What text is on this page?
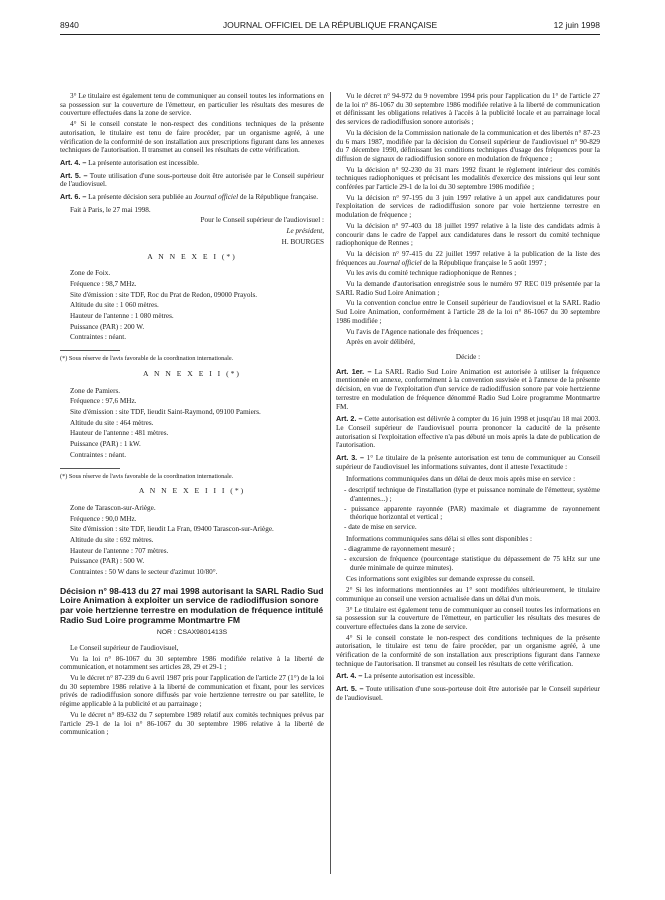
8940	JOURNAL OFFICIEL DE LA RÉPUBLIQUE FRANÇAISE	12 juin 1998

3° Le titulaire est également tenu de communiquer au conseil toutes les informations en sa possession sur la couverture de l'émetteur, en particulier les résultats des mesures de couverture effectuées dans la zone de service.

4° Si le conseil constate le non-respect des conditions techniques de la présente autorisation, le titulaire est tenu de faire procéder, par un organisme agréé, à une vérification de la conformité de son installation aux prescriptions figurant dans les annexes techniques de l'autorisation. Il transmet au conseil les résultats de cette vérification.

Art. 4. – La présente autorisation est incessible.

Art. 5. – Toute utilisation d'une sous-porteuse doit être autorisée par le Conseil supérieur de l'audiovisuel.

Art. 6. – La présente décision sera publiée au Journal officiel de la République française.

Fait à Paris, le 27 mai 1998.

Pour le Conseil supérieur de l'audiovisuel :
Le président,
H. BOURGES
A N N E X E I (*)

Zone de Foix.

Fréquence : 98,7 MHz.

Site d'émission : site TDF, Roc du Prat de Redon, 09000 Prayols.

Altitude du site : 1 060 mètres.

Hauteur de l'antenne : 1 080 mètres.

Puissance (PAR) : 200 W.

Contraintes : néant.

(*) Sous réserve de l'avis favorable de la coordination internationale.

A N N E X E I I (*)

Zone de Pamiers.

Fréquence : 97,6 MHz.

Site d'émission : site TDF, lieudit Saint-Raymond, 09100 Pamiers.

Altitude du site : 464 mètres.

Hauteur de l'antenne : 481 mètres.

Puissance (PAR) : 1 kW.

Contraintes : néant.

(*) Sous réserve de l'avis favorable de la coordination internationale.

A N N E X E I I I (*)

Zone de Tarascon-sur-Ariège.

Fréquence : 90,0 MHz.

Site d'émission : site TDF, lieudit La Fran, 09400 Tarascon-sur-Ariège.

Altitude du site : 692 mètres.

Hauteur de l'antenne : 707 mètres.

Puissance (PAR) : 500 W.

Contraintes : 50 W dans le secteur d'azimut 10/80°.

Décision n° 98-413 du 27 mai 1998 autorisant la SARL Radio Sud Loire Animation à exploiter un service de radiodiffusion sonore par voie hertzienne terrestre en modulation de fréquence intitulé Radio Sud Loire programme Montmartre FM
NOR : CSAX9801413S

Le Conseil supérieur de l'audiovisuel,

Vu la loi n° 86-1067 du 30 septembre 1986 modifiée relative à la liberté de communication, et notamment ses articles 28, 29 et 29-1 ;

Vu le décret n° 87-239 du 6 avril 1987 pris pour l'application de l'article 27 (1°) de la loi du 30 septembre 1986 relative à la liberté de communication et fixant, pour les services privés de radiodiffusion sonore diffusés par voie hertzienne terrestre ou par satellite, le régime applicable à la publicité et au parrainage ;

Vu le décret n° 89-632 du 7 septembre 1989 relatif aux comités techniques prévus par l'article 29-1 de la loi n° 86-1067 du 30 septembre 1986 relative à la liberté de communication ;

Vu le décret n° 94-972 du 9 novembre 1994 pris pour l'application du 1° de l'article 27 de la loi n° 86-1067 du 30 septembre 1986 modifiée relative à la liberté de communication et définissant les obligations relatives à l'accès à la publicité locale et au parrainage local des services de radiodiffusion sonore autorisés ;

Vu la décision de la Commission nationale de la communication et des libertés n° 87-23 du 6 mars 1987, modifiée par la décision du Conseil supérieur de l'audiovisuel n° 90-829 du 7 décembre 1990, définissant les conditions techniques d'usage des fréquences pour la diffusion de signaux de radiodiffusion sonore en modulation de fréquence ;

Vu la décision n° 92-230 du 31 mars 1992 fixant le règlement intérieur des comités techniques radiophoniques et précisant les modalités d'exercice des missions qui leur sont conférées par l'article 29-1 de la loi du 30 septembre 1986 modifiée ;

Vu la décision n° 97-195 du 3 juin 1997 relative à un appel aux candidatures pour l'exploitation de services de radiodiffusion sonore par voie hertzienne terrestre en modulation de fréquence ;

Vu la décision n° 97-403 du 18 juillet 1997 relative à la liste des candidats admis à concourir dans le cadre de l'appel aux candidatures dans le ressort du comité technique radiophonique de Rennes ;

Vu la décision n° 97-415 du 22 juillet 1997 relative à la publication de la liste des fréquences au Journal officiel de la République française le 5 août 1997 ;

Vu les avis du comité technique radiophonique de Rennes ;

Vu la demande d'autorisation enregistrée sous le numéro 97 REC 019 présentée par la SARL Radio Sud Loire Animation ;

Vu la convention conclue entre le Conseil supérieur de l'audiovisuel et la SARL Radio Sud Loire Animation, conformément à l'article 28 de la loi n° 86-1067 du 30 septembre 1986 modifiée ;

Vu l'avis de l'Agence nationale des fréquences ;

Après en avoir délibéré,

Décide :

Art. 1er. – La SARL Radio Sud Loire Animation est autorisée à utiliser la fréquence mentionnée en annexe, conformément à la convention susvisée et à l'annexe de la présente décision, en vue de l'exploitation d'un service de radiodiffusion sonore par voie hertzienne terrestre en modulation de fréquence dénommé Radio Sud Loire programme Montmartre FM.

Art. 2. – Cette autorisation est délivrée à compter du 16 juin 1998 et jusqu'au 18 mai 2003. Le Conseil supérieur de l'audiovisuel pourra prononcer la caducité de la présente autorisation si l'exploitation effective n'a pas débuté un mois après la date de publication de l'autorisation.

Art. 3. – 1° Le titulaire de la présente autorisation est tenu de communiquer au Conseil supérieur de l'audiovisuel les informations suivantes, dont il atteste l'exactitude :

Informations communiquées dans un délai de deux mois après mise en service :

- descriptif technique de l'installation (type et puissance nominale de l'émetteur, système d'antennes...) ;
- puissance apparente rayonnée (PAR) maximale et diagramme de rayonnement théorique horizontal et vertical ;
- date de mise en service.

Informations communiquées sans délai si elles sont disponibles :

- diagramme de rayonnement mesuré ;
- excursion de fréquence (pourcentage statistique du dépassement de 75 kHz sur une durée minimale de quinze minutes).

Ces informations sont exigibles sur demande expresse du conseil.

2° Si les informations mentionnées au 1° sont modifiées ultérieurement, le titulaire communique au conseil une version actualisée dans un délai d'un mois.

3° Le titulaire est également tenu de communiquer au conseil toutes les informations en sa possession sur la couverture de l'émetteur, en particulier les résultats des mesures de couverture effectuées dans la zone de service.

4° Si le conseil constate le non-respect des conditions techniques de la présente autorisation, le titulaire est tenu de faire procéder, par un organisme agréé, à une vérification de la conformité de son installation aux prescriptions figurant dans l'annexe technique de l'autorisation. Il transmet au conseil les résultats de cette vérification.

Art. 4. – La présente autorisation est incessible.

Art. 5. – Toute utilisation d'une sous-porteuse doit être autorisée par le Conseil supérieur de l'audiovisuel.
